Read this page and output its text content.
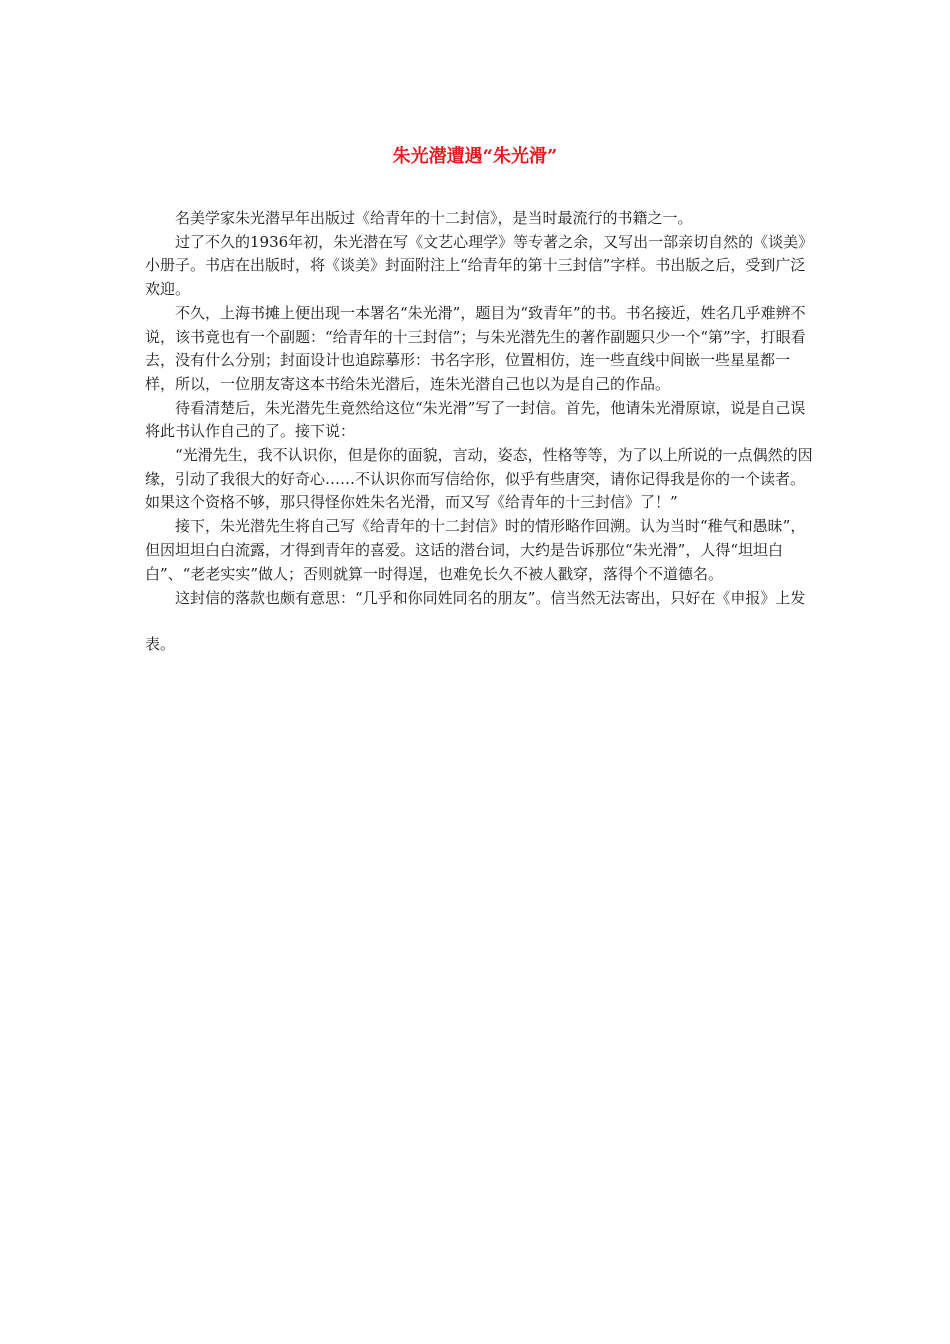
朱光潜遭遇“朱光滑”

名美学家朱光潜早年出版过《给青年的十二封信》，是当时最流行的书籍之一。

过了不久的1936年初，朱光潜在写《文艺心理学》等专著之余，又写出一部亲切自然的《谈美》小册子。书店在出版时，将《谈美》封面附注上“给青年的第十三封信”字样。书出版之后，受到广泛欢迎。

不久，上海书摊上便出现一本署名“朱光滑”，题目为“致青年”的书。书名接近，姓名几乎难辨不说，该书竟也有一个副题：“给青年的十三封信”；与朱光潜先生的著作副题只少一个“第”字，打眼看去，没有什么分别；封面设计也追踪摹形：书名字形，位置相仿，连一些直线中间嵌一些星星都一样，所以，一位朋友寄这本书给朱光潜后，连朱光潜自己也以为是自己的作品。

待看清楚后，朱光潜先生竟然给这位“朱光滑”写了一封信。首先，他请朱光滑原谅，说是自己误将此书认作自己的了。接下说：

“光滑先生，我不认识你，但是你的面貌，言动，姿态，性格等等，为了以上所说的一点偶然的因缘，引动了我很大的好奇心……不认识你而写信给你，似乎有些唐突，请你记得我是你的一个读者。如果这个资格不够，那只得怪你姓朱名光滑，而又写《给青年的十三封信》了！”

接下，朱光潜先生将自己写《给青年的十二封信》时的情形略作回溯。认为当时“稚气和愚昧”，但因坦坦白白流露，才得到青年的喜爱。这话的潜台词，大约是告诉那位“朱光滑”，人得“坦坦白白”、“老老实实”做人；否则就算一时得逞，也难免长久不被人戳穿，落得个不道德名。

这封信的落款也颇有意思：“几乎和你同姓同名的朋友”。信当然无法寄出，只好在《申报》上发表。
